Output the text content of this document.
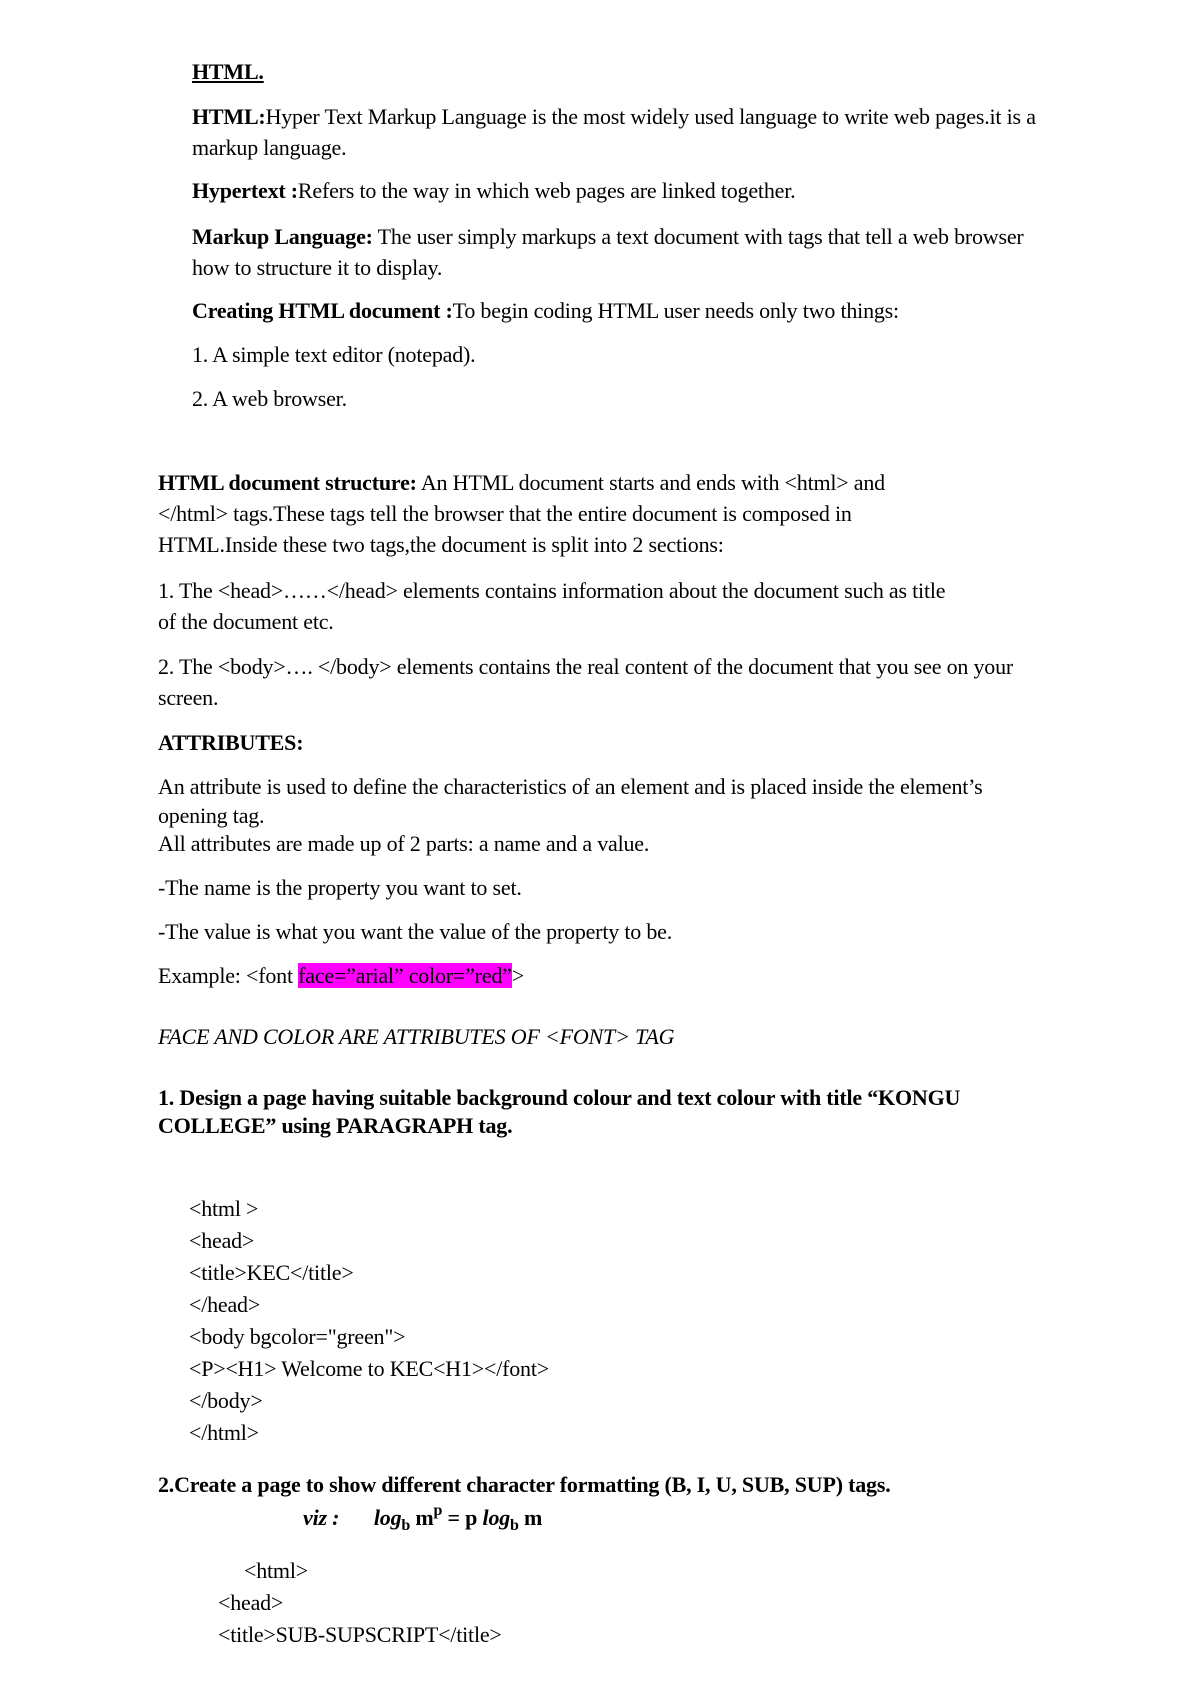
HTML.
HTML:Hyper Text Markup Language is the most widely used language to write web pages.it is a
markup language.
Hypertext :Refers to the way in which web pages are linked together.
Markup Language: The user simply markups a text document with tags that tell a web browser
how to structure it to display.
Creating HTML document :To begin coding HTML user needs only two things:
1. A simple text editor (notepad).
2. A web browser.
HTML document structure: An HTML document starts and ends with <html> and
</html> tags.These tags tell the browser that the entire document is composed in
HTML.Inside these two tags,the document is split into 2 sections:
1. The <head>……</head> elements contains information about the document such as title
of the document etc.
2. The <body>…. </body> elements contains the real content of the document that you see on your
screen.
ATTRIBUTES:
An attribute is used to define the characteristics of an element and is placed inside the element’s
opening tag.
All attributes are made up of 2 parts: a name and a value.
-The name is the property you want to set.
-The value is what you want the value of the property to be.
Example: <font face=”arial” color=”red”>
FACE AND COLOR ARE ATTRIBUTES OF <FONT> TAG
1. Design a page having suitable background colour and text colour with title “KONGU
COLLEGE” using PARAGRAPH tag.
<html >
<head>
<title>KEC</title>
</head>
<body bgcolor="green">
<P><H1> Welcome to KEC<H1></font>
</body>
</html>
2.Create a page to show different character formatting (B, I, U, SUB, SUP) tags.
viz : $\log_b m^p = p$ $\log_b m$
<html>
<head>
<title>SUB-SUPSCRIPT</title>
